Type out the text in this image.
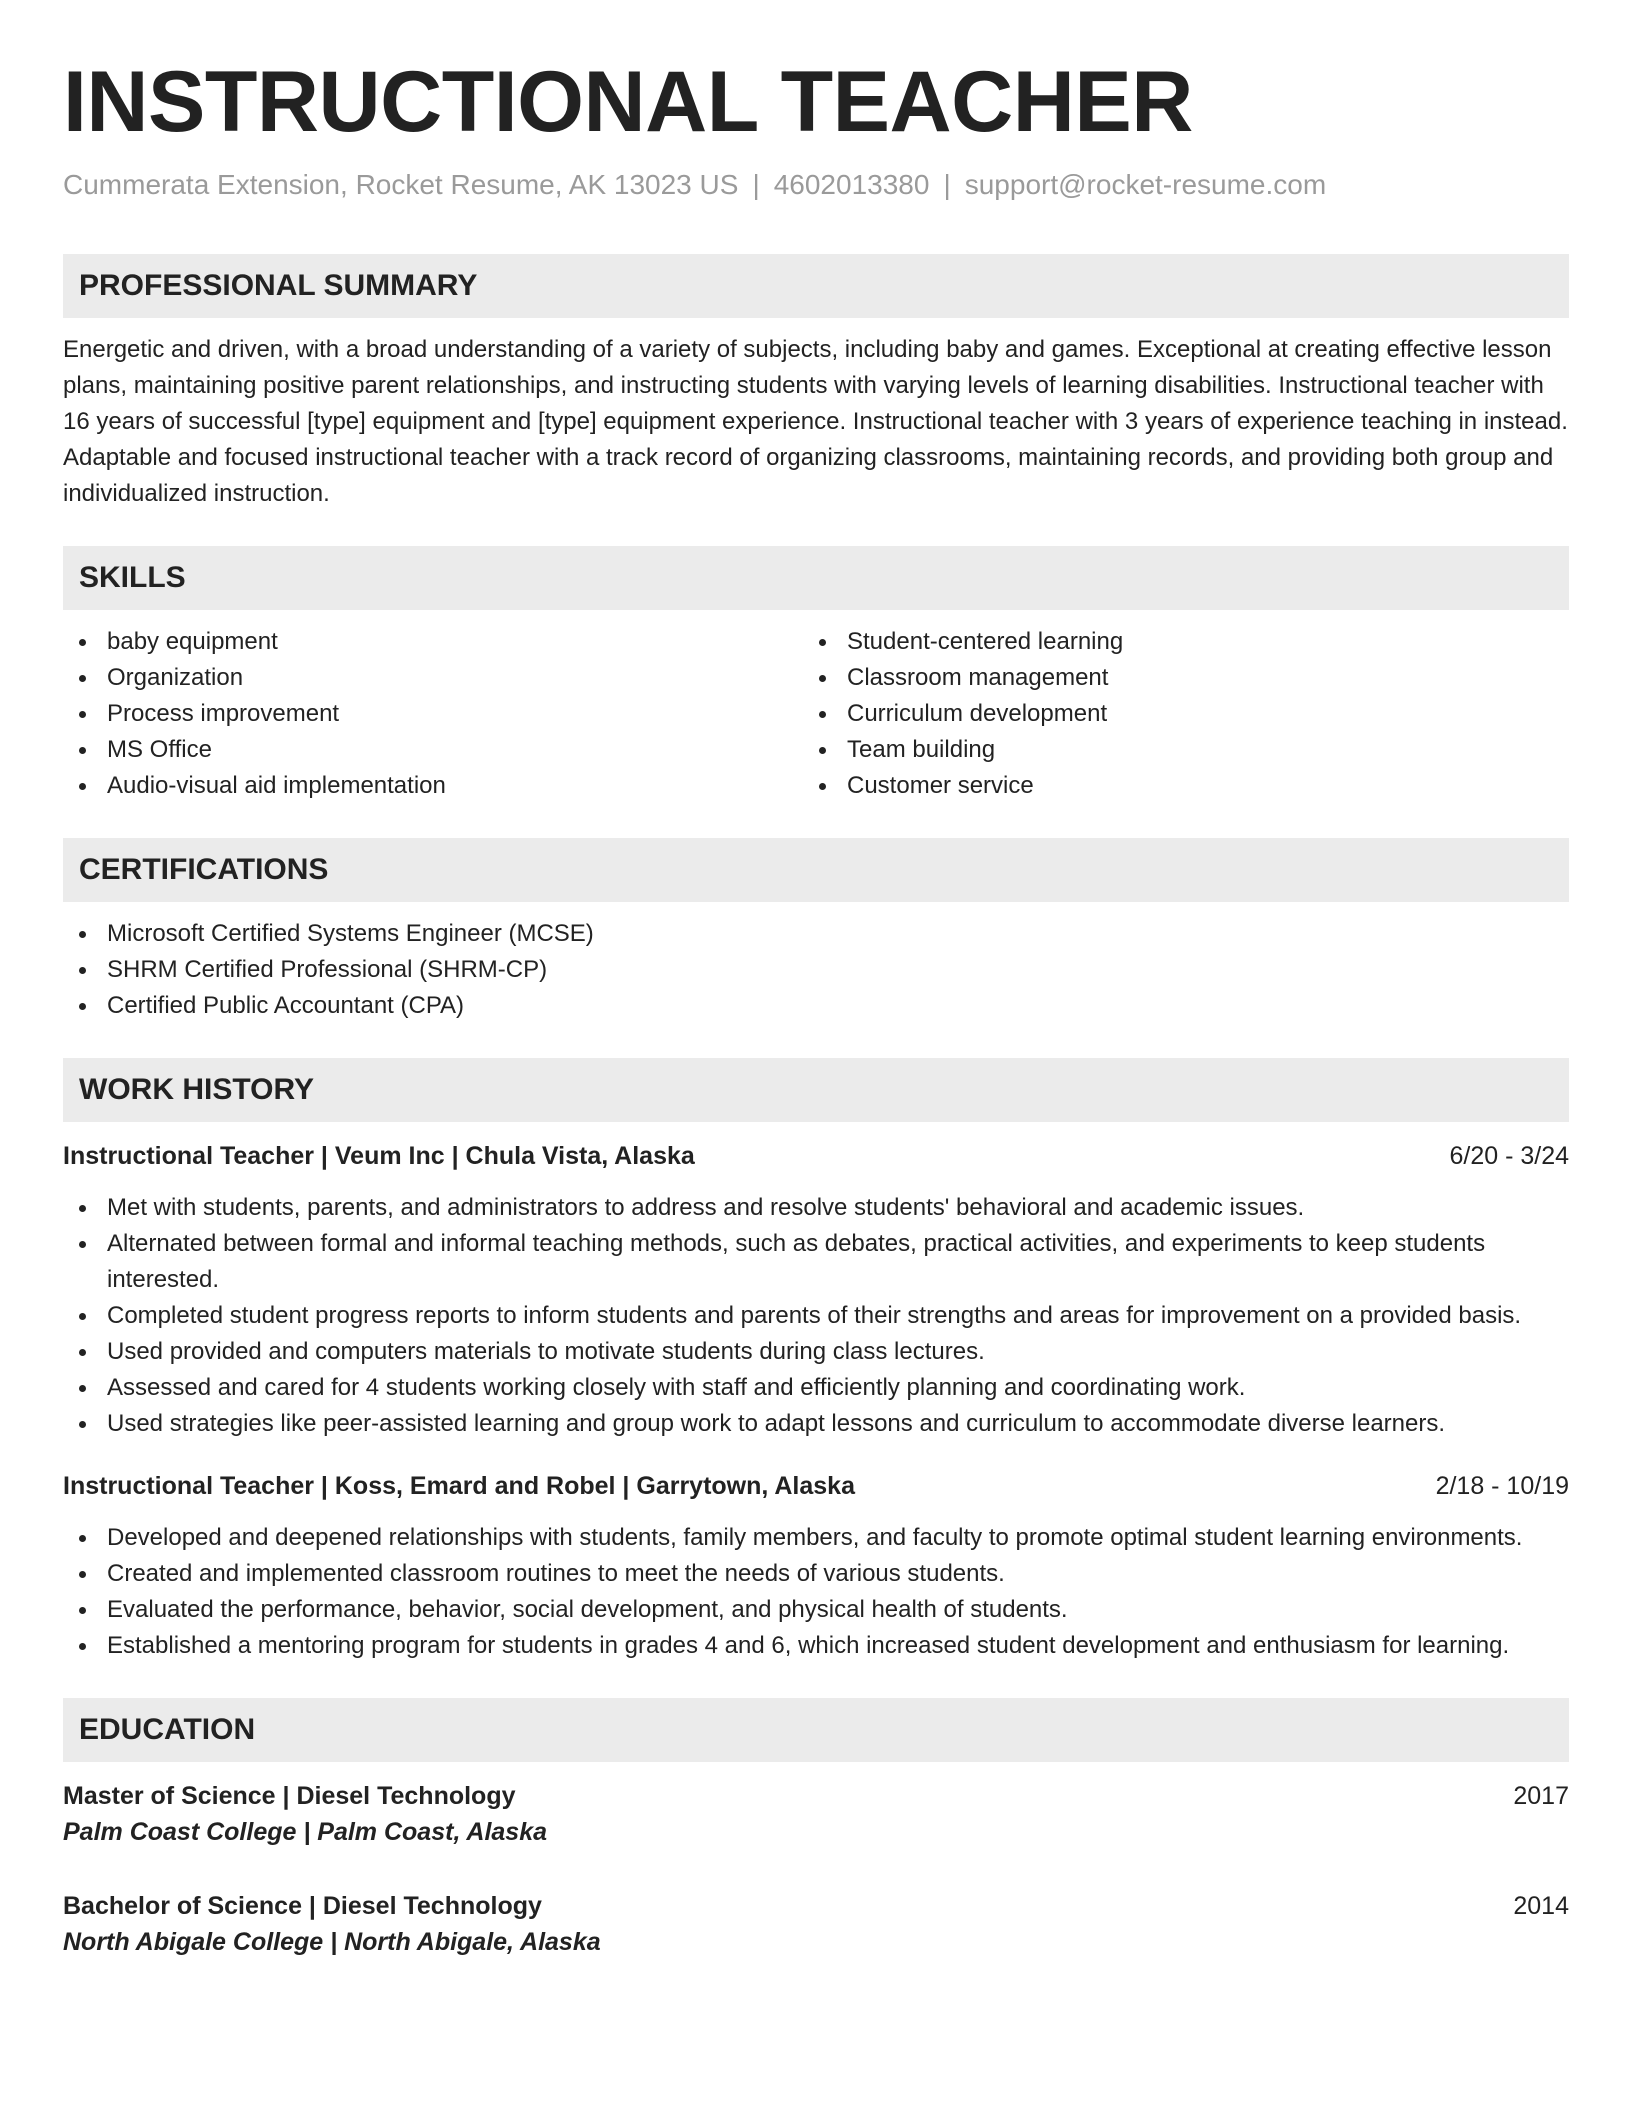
INSTRUCTIONAL TEACHER
Cummerata Extension, Rocket Resume, AK 13023 US | 4602013380 | support@rocket-resume.com
PROFESSIONAL SUMMARY
Energetic and driven, with a broad understanding of a variety of subjects, including baby and games. Exceptional at creating effective lesson plans, maintaining positive parent relationships, and instructing students with varying levels of learning disabilities. Instructional teacher with 16 years of successful [type] equipment and [type] equipment experience. Instructional teacher with 3 years of experience teaching in instead. Adaptable and focused instructional teacher with a track record of organizing classrooms, maintaining records, and providing both group and individualized instruction.
SKILLS
baby equipment
Organization
Process improvement
MS Office
Audio-visual aid implementation
Student-centered learning
Classroom management
Curriculum development
Team building
Customer service
CERTIFICATIONS
Microsoft Certified Systems Engineer (MCSE)
SHRM Certified Professional (SHRM-CP)
Certified Public Accountant (CPA)
WORK HISTORY
Instructional Teacher | Veum Inc | Chula Vista, Alaska	6/20 - 3/24
Met with students, parents, and administrators to address and resolve students' behavioral and academic issues.
Alternated between formal and informal teaching methods, such as debates, practical activities, and experiments to keep students interested.
Completed student progress reports to inform students and parents of their strengths and areas for improvement on a provided basis.
Used provided and computers materials to motivate students during class lectures.
Assessed and cared for 4 students working closely with staff and efficiently planning and coordinating work.
Used strategies like peer-assisted learning and group work to adapt lessons and curriculum to accommodate diverse learners.
Instructional Teacher | Koss, Emard and Robel | Garrytown, Alaska	2/18 - 10/19
Developed and deepened relationships with students, family members, and faculty to promote optimal student learning environments.
Created and implemented classroom routines to meet the needs of various students.
Evaluated the performance, behavior, social development, and physical health of students.
Established a mentoring program for students in grades 4 and 6, which increased student development and enthusiasm for learning.
EDUCATION
Master of Science | Diesel Technology	2017
Palm Coast College | Palm Coast, Alaska
Bachelor of Science | Diesel Technology	2014
North Abigale College | North Abigale, Alaska
